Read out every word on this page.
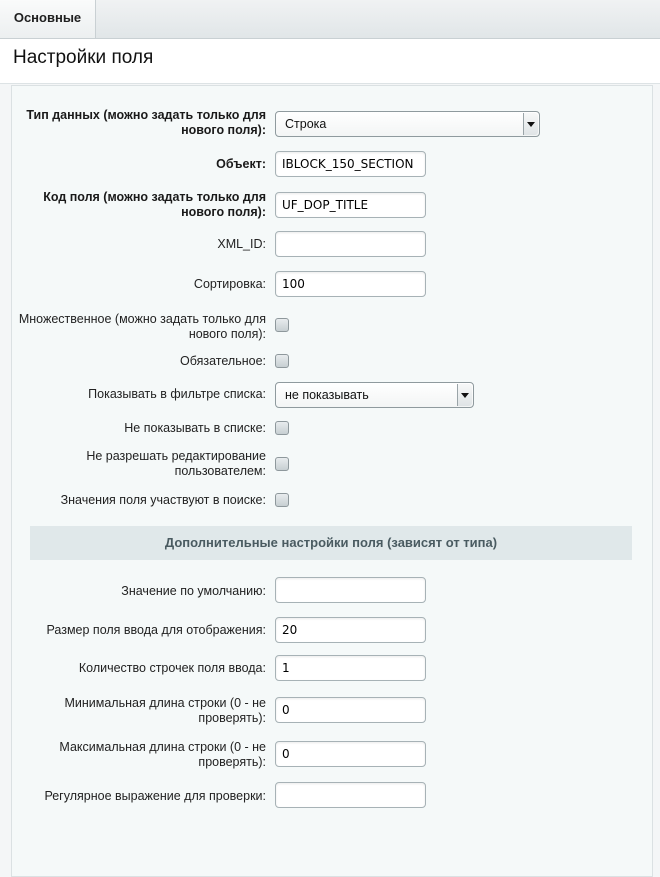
Основные
Настройки поля
Тип данных (можно задать только для нового поля):	Строка
Объект:
IBLOCK_150_SECTION
Код поля (можно задать только для нового поля):
UF_DOP_TITLE
XML_ID:
Сортировка:
100
Множественное (можно задать только для нового поля):
Обязательное:
Показывать в фильтре списка:	не показывать
Не показывать в списке:
Не разрешать редактирование пользователем:
Значения поля участвуют в поиске:
Дополнительные настройки поля (зависят от типа)
Значение по умолчанию:
Размер поля ввода для отображения:
20
Количество строчек поля ввода:
1
Минимальная длина строки (0 - не проверять):
0
Максимальная длина строки (0 - не проверять):
0
Регулярное выражение для проверки:
